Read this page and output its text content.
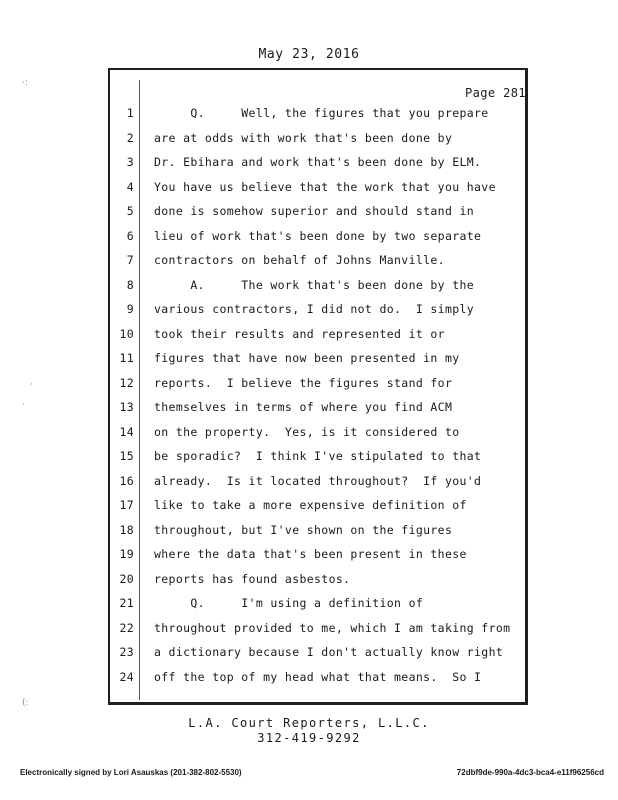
May 23, 2016
Page 281
1 Q.     Well, the figures that you prepare
2 are at odds with work that's been done by
3 Dr. Ebihara and work that's been done by ELM.
4 You have us believe that the work that you have
5 done is somehow superior and should stand in
6 lieu of work that's been done by two separate
7 contractors on behalf of Johns Manville.
8 A.     The work that's been done by the
9 various contractors, I did not do.  I simply
10 took their results and represented it or
11 figures that have now been presented in my
12 reports.  I believe the figures stand for
13 themselves in terms of where you find ACM
14 on the property.  Yes, is it considered to
15 be sporadic?  I think I've stipulated to that
16 already.  Is it located throughout?  If you'd
17 like to take a more expensive definition of
18 throughout, but I've shown on the figures
19 where the data that's been present in these
20 reports has found asbestos.
21 Q.     I'm using a definition of
22 throughout provided to me, which I am taking from
23 a dictionary because I don't actually know right
24 off the top of my head what that means.  So I
L.A. Court Reporters, L.L.C.
312-419-9292
Electronically signed by Lori Asauskas (201-382-802-5530)	72dbf9de-990a-4dc3-bca4-e11f96256cd
·:
·
·
(:
